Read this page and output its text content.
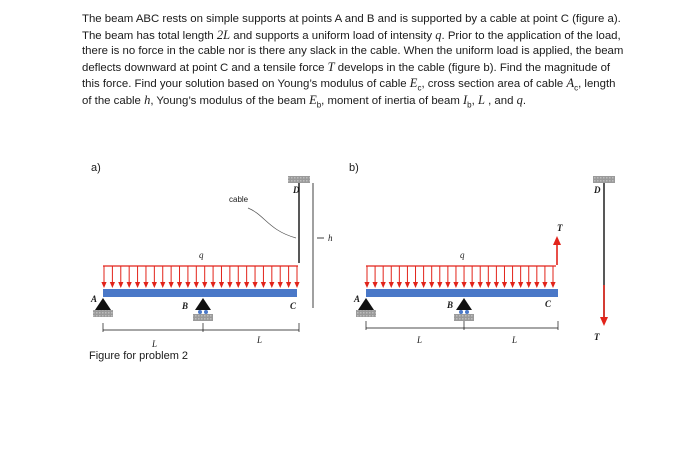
The beam ABC rests on simple supports at points A and B and is supported by a cable at point C (figure a). The beam has total length 2L and supports a uniform load of intensity q. Prior to the application of the load, there is no force in the cable nor is there any slack in the cable. When the uniform load is applied, the beam deflects downward at point C and a tensile force T develops in the cable (figure b). Find the magnitude of this force. Find your solution based on Young’s modulus of cable $E_c$, cross section area of cable $A_c$, length of the cable h, Young’s modulus of the beam $E_b$, moment of inertia of beam $I_b$, L , and q.

a)	b)
Figure for problem 2
D
cable
h
q
A
B	C
L	L
D
T
T
q
A
B	C
L	L
